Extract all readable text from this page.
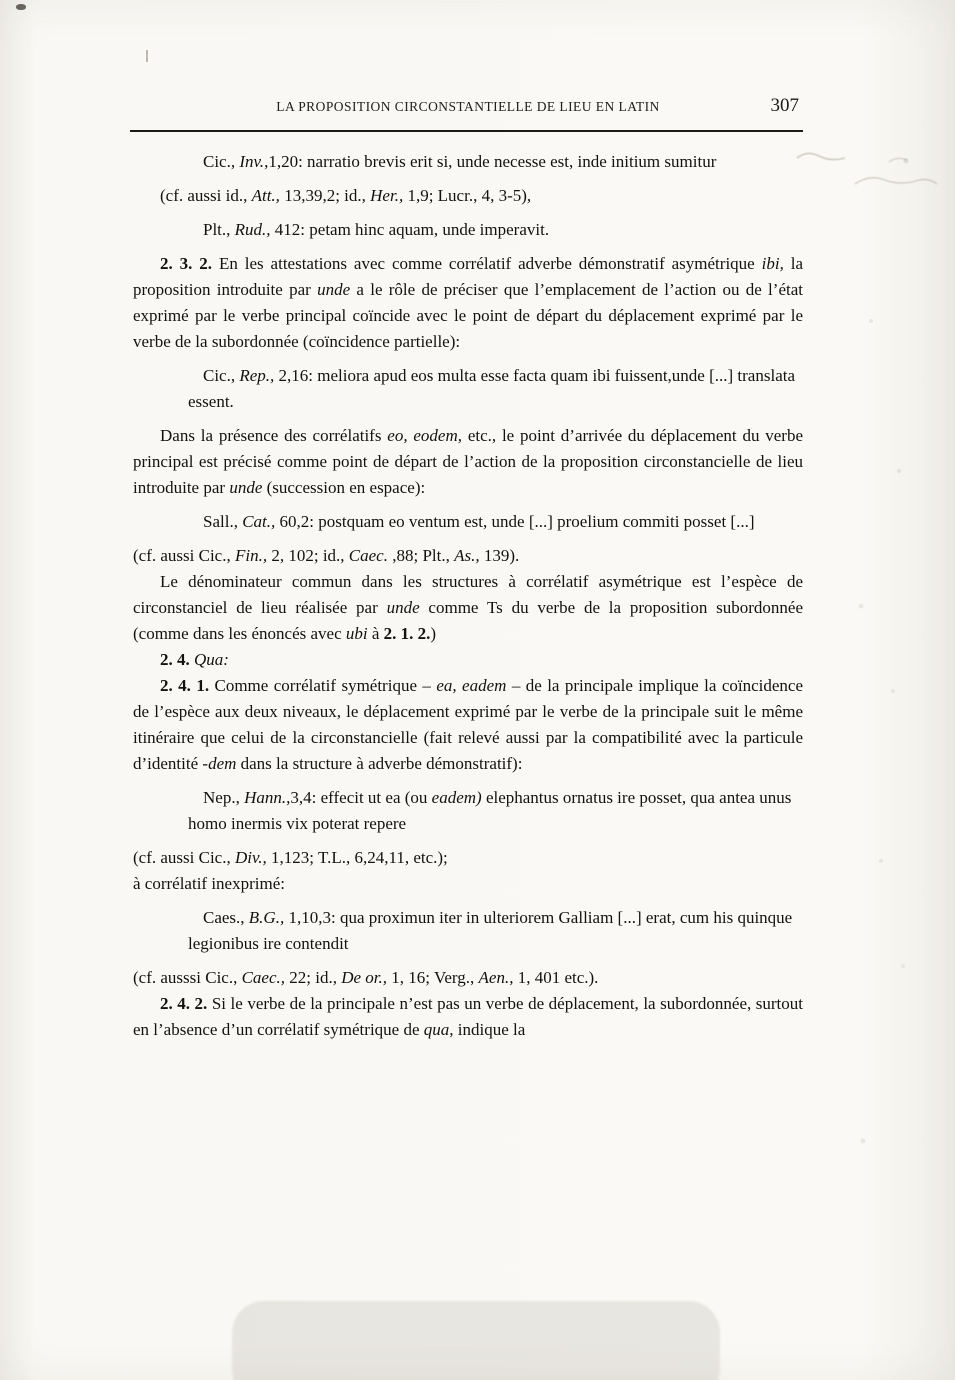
LA PROPOSITION CIRCONSTANTIELLE DE LIEU EN LATIN	307

Cic., Inv.,1,20: narratio brevis erit si, unde necesse est, inde initium sumitur

(cf. aussi id., Att., 13,39,2; id., Her., 1,9; Lucr., 4, 3-5),

Plt., Rud., 412: petam hinc aquam, unde imperavit.

2. 3. 2. En les attestations avec comme corrélatif adverbe démonstratif asymétrique ibi, la proposition introduite par unde a le rôle de préciser que l’emplacement de l’action ou de l’état exprimé par le verbe principal coïncide avec le point de départ du déplacement exprimé par le verbe de la subordonnée (coïncidence partielle):

Cic., Rep., 2,16: meliora apud eos multa esse facta quam ibi fuissent,unde [...] translata essent.

Dans la présence des corrélatifs eo, eodem, etc., le point d’arrivée du déplacement du verbe principal est précisé comme point de départ de l’action de la proposition circonstancielle de lieu introduite par unde (succession en espace):

Sall., Cat., 60,2: postquam eo ventum est, unde [...] proelium commiti posset [...]

(cf. aussi Cic., Fin., 2, 102; id., Caec. ,88; Plt., As., 139).

Le dénominateur commun dans les structures à corrélatif asymétrique est l’espèce de circonstanciel de lieu réalisée par unde comme Ts du verbe de la proposition subordonnée (comme dans les énoncés avec ubi à 2. 1. 2.)

2. 4. Qua:

2. 4. 1. Comme corrélatif symétrique – ea, eadem – de la principale implique la coïncidence de l’espèce aux deux niveaux, le déplacement exprimé par le verbe de la principale suit le même itinéraire que celui de la circonstancielle (fait relevé aussi par la compatibilité avec la particule d’identité -dem dans la structure à adverbe démonstratif):

Nep., Hann.,3,4: effecit ut ea (ou eadem) elephantus ornatus ire posset, qua antea unus homo inermis vix poterat repere

(cf. aussi Cic., Div., 1,123; T.L., 6,24,11, etc.);

à corrélatif inexprimé:

Caes., B.G., 1,10,3: qua proximun iter in ulteriorem Galliam [...] erat, cum his quinque legionibus ire contendit

(cf. ausssi Cic., Caec., 22; id., De or., 1, 16; Verg., Aen., 1, 401 etc.).

2. 4. 2. Si le verbe de la principale n’est pas un verbe de déplacement, la subordonnée, surtout en l’absence d’un corrélatif symétrique de qua, indique la
